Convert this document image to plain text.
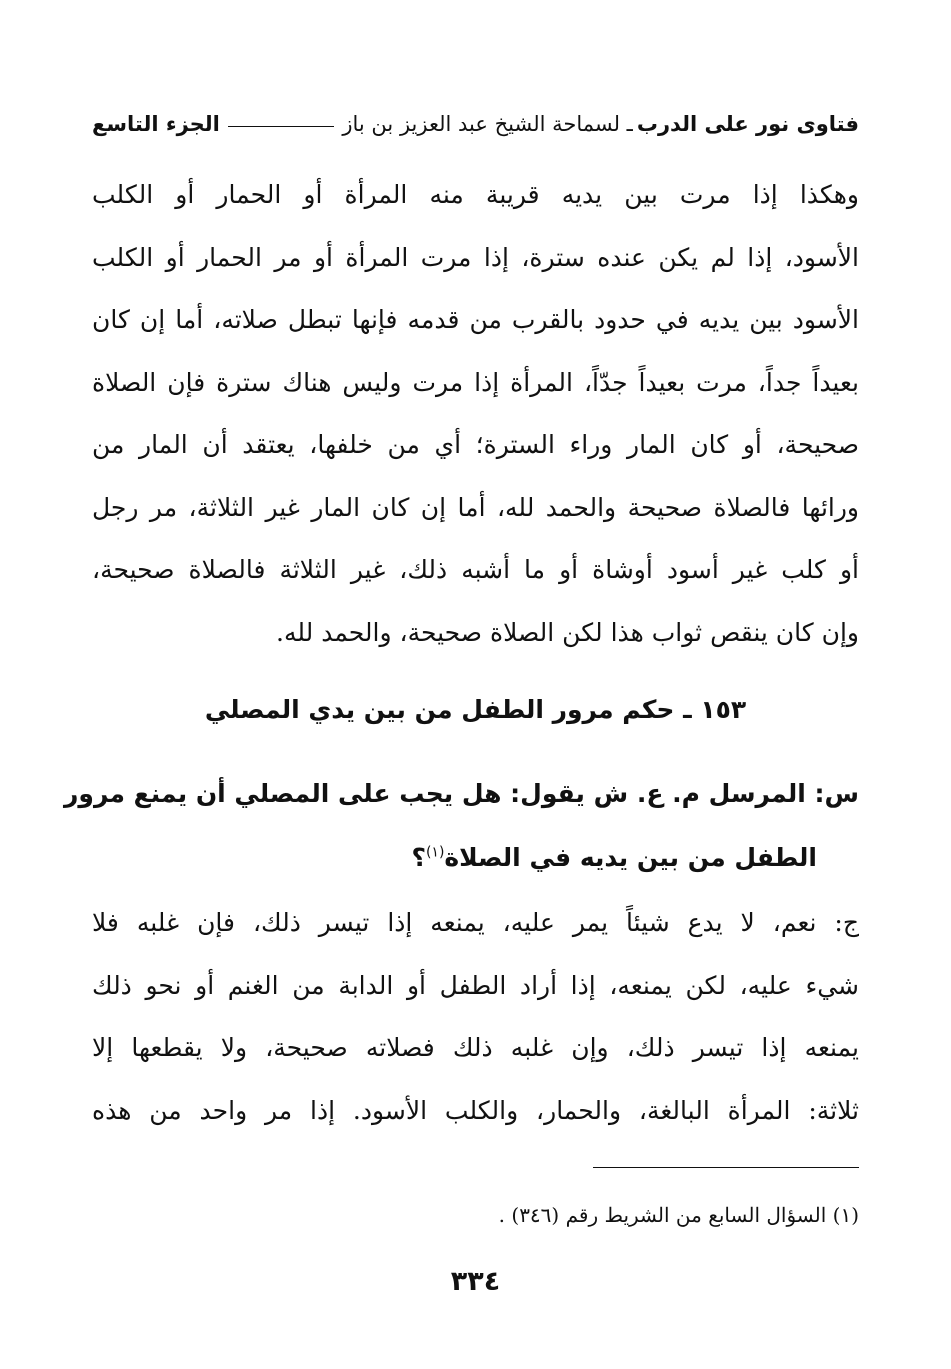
فتاوى نور على الدرب
ـ لسماحة الشيخ عبد العزيز بن باز
الجزء التاسع
وهكذا إذا مرت بين يديه قريبة منه المرأة أو الحمار أو الكلب
الأسود، إذا لم يكن عنده سترة، إذا مرت المرأة أو مر الحمار أو الكلب
الأسود بين يديه في حدود بالقرب من قدمه فإنها تبطل صلاته، أما إن كان
بعيداً جداً، مرت بعيداً جدّاً، المرأة إذا مرت وليس هناك سترة فإن الصلاة
صحيحة، أو كان المار وراء السترة؛ أي من خلفها، يعتقد أن المار من
ورائها فالصلاة صحيحة والحمد لله، أما إن كان المار غير الثلاثة، مر رجل
أو كلب غير أسود أوشاة أو ما أشبه ذلك، غير الثلاثة فالصلاة صحيحة،
وإن كان ينقص ثواب هذا لكن الصلاة صحيحة، والحمد لله.
١٥٣ ـ حكم مرور الطفل من بين يدي المصلي
س: المرسل م. ع. ش يقول: هل يجب على المصلي أن يمنع مرور
الطفل من بين يديه في الصلاة$^{(١)}$؟
ج: نعم، لا يدع شيئاً يمر عليه، يمنعه إذا تيسر ذلك، فإن غلبه فلا
شيء عليه، لكن يمنعه، إذا أراد الطفل أو الدابة من الغنم أو نحو ذلك
يمنعه إذا تيسر ذلك، وإن غلبه ذلك فصلاته صحيحة، ولا يقطعها إلا
ثلاثة: المرأة البالغة، والحمار، والكلب الأسود. إذا مر واحد من هذه
(١) السؤال السابع من الشريط رقم (٣٤٦) .
٣٣٤
